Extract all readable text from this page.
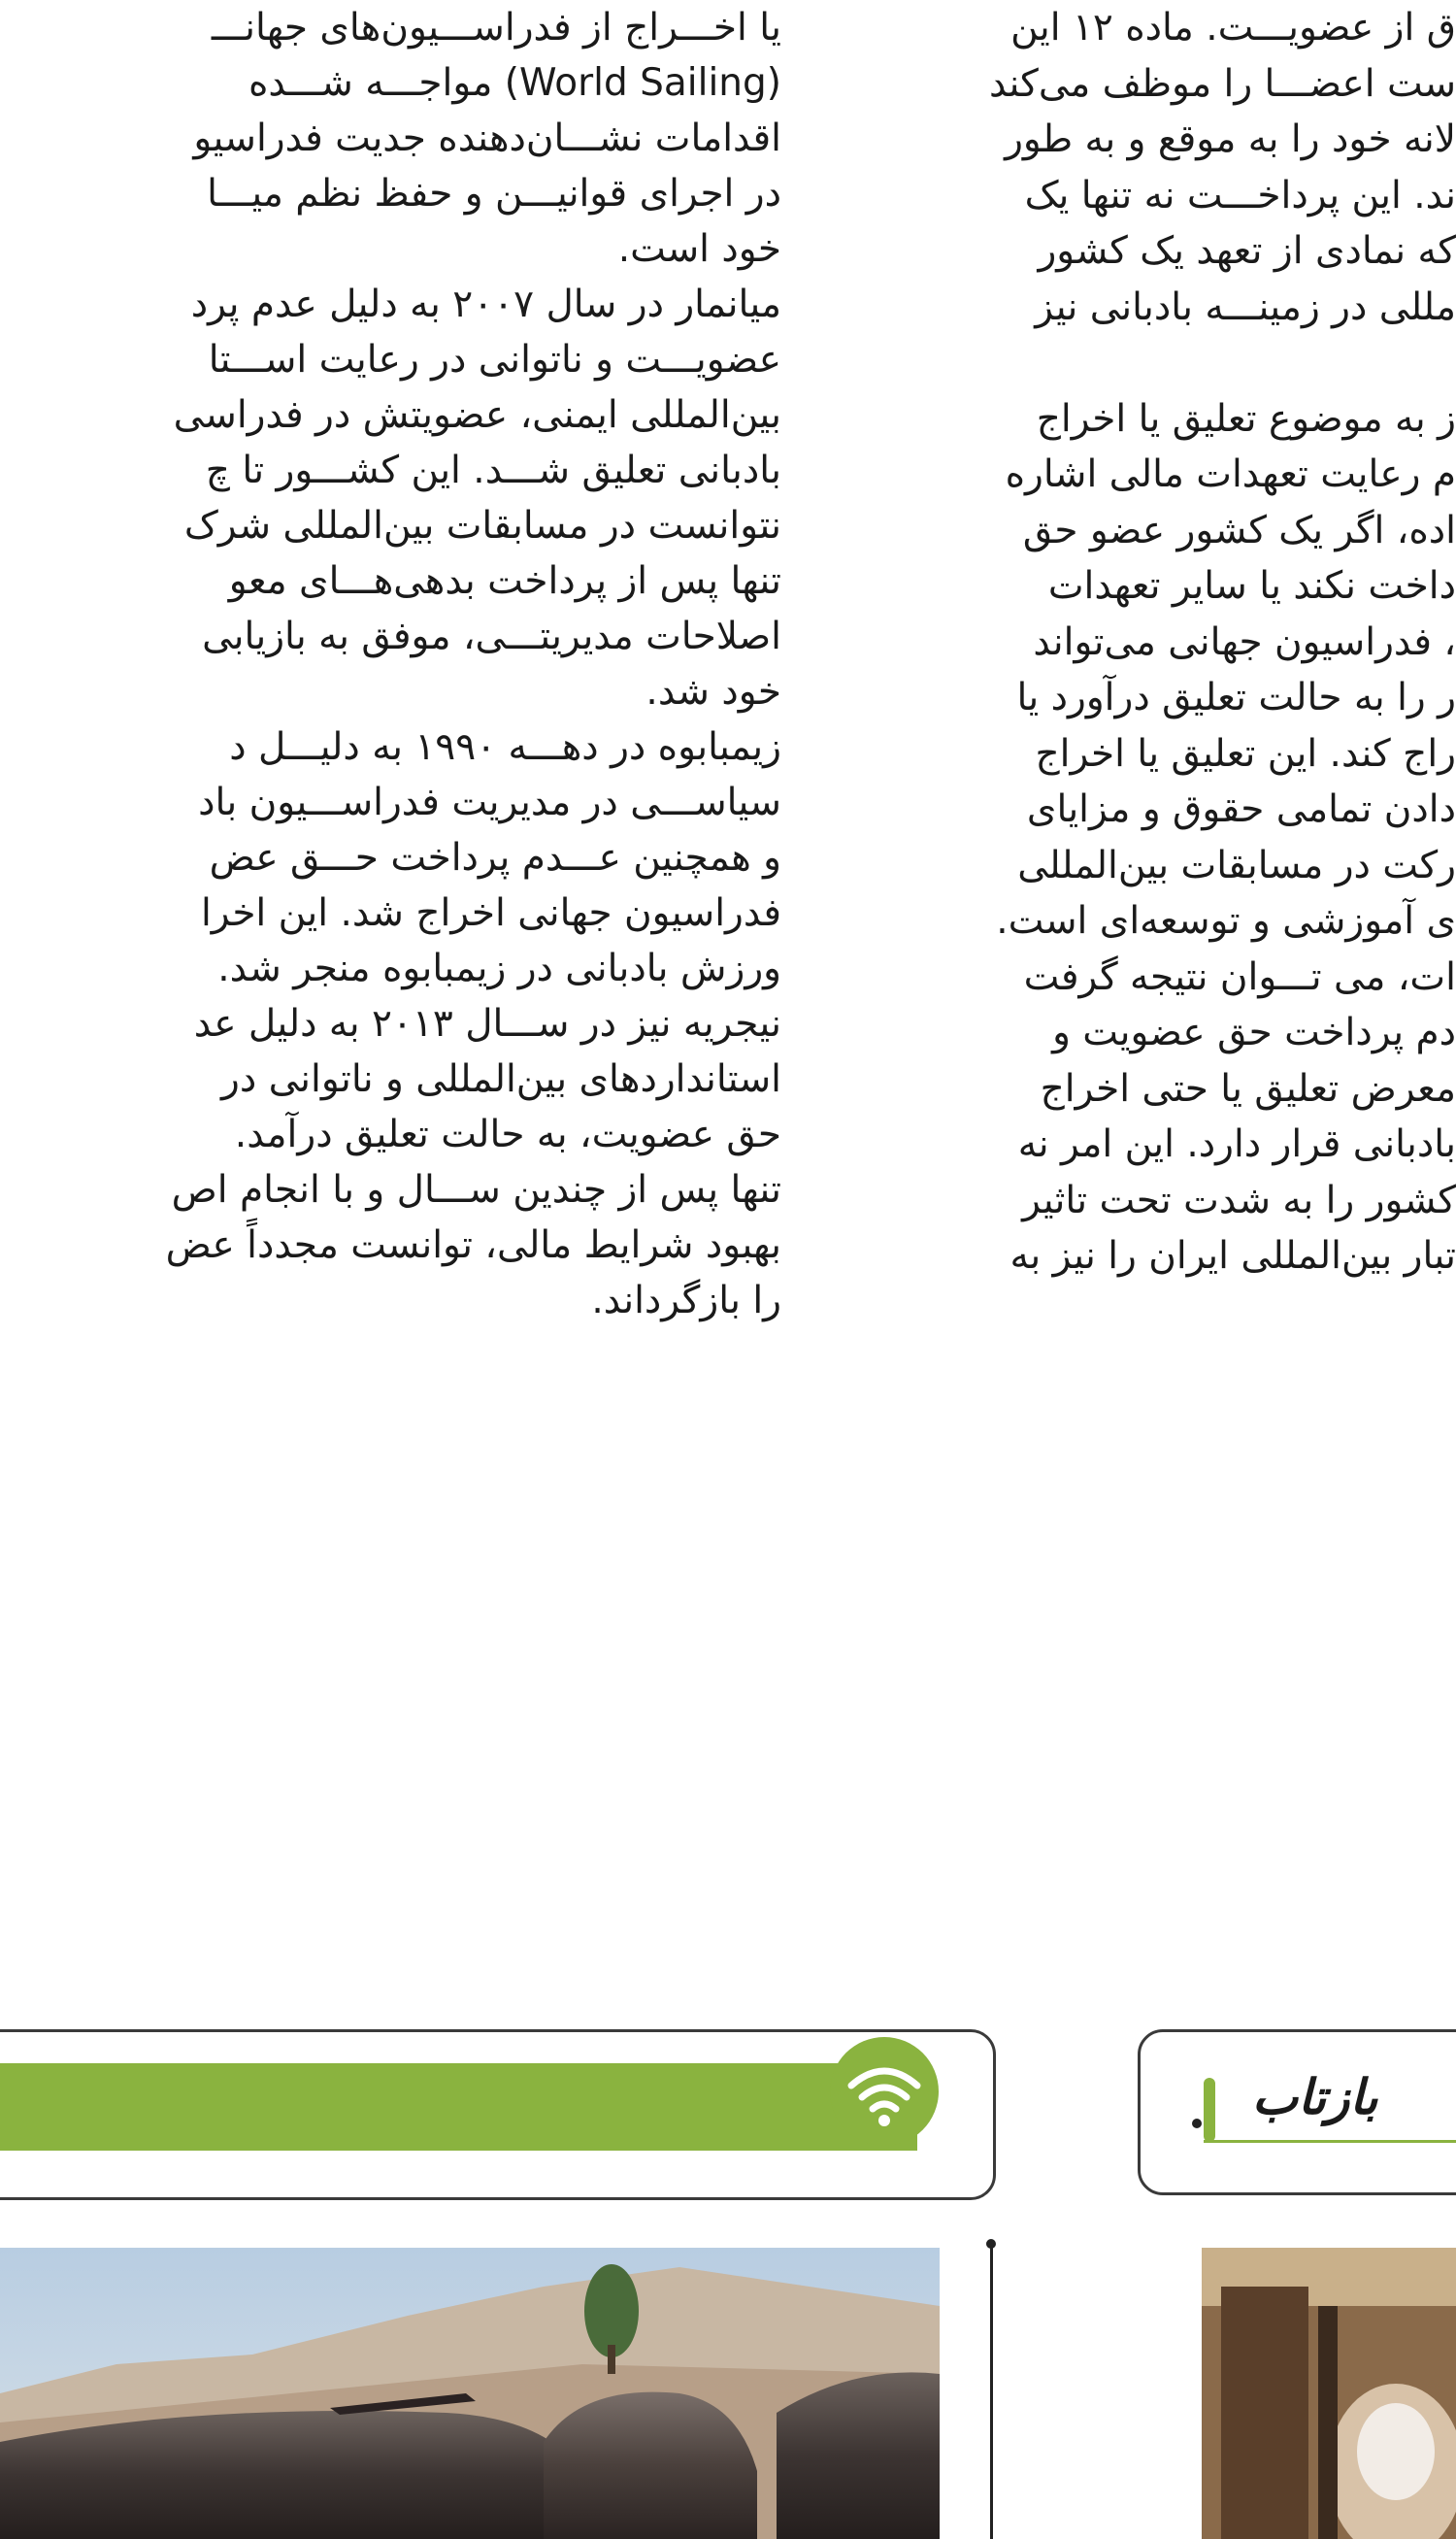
یا اخـــراج از فدراســـیون‌های جهانـــ
(World Sailing) مواجـــه شـــده
اقدامات نشـــان‌دهنده جدیت فدراسیو
در اجرای قوانیـــن و حفظ نظم میـــا
خود است.
میانمار در سال ۲۰۰۷ به دلیل عدم پرد
عضویـــت و ناتوانی در رعایت اســـتا
بین‌المللی ایمنی، عضویتش در فدراسی
بادبانی تعلیق شـــد. این کشـــور تا چ
نتوانست در مسابقات بین‌المللی شرک
تنها پس از پرداخت بدهی‌هـــای معو
اصلاحات مدیریتـــی، موفق به بازیابی
خود شد.
زیمبابوه در دهـــه ۱۹۹۰ به دلیـــل د
سیاســـی در مدیریت فدراســـیون باد
و همچنین عـــدم پرداخت حـــق عض
فدراسیون جهانی اخراج شد. این اخرا
ورزش بادبانی در زیمبابوه منجر شد.
نیجریه نیز در ســـال ۲۰۱۳ به دلیل عد
استانداردهای بین‌المللی و ناتوانی در
حق عضویت، به حالت تعلیق درآمد.
تنها پس از چندین ســـال و با انجام اص
بهبود شرایط مالی، توانست مجدداً عض
را بازگرداند.
ق از عضویـــت. ماده ۱۲ این
ست اعضـــا را موظف می‌کند
لانه خود را به موقع و به طور
ند. این پرداخـــت نه تنها یک
که نمادی از تعهد یک کشور
مللی در زمینـــه بادبانی نیز
ز به موضوع تعلیق یا اخراج
م رعایت تعهدات مالی اشاره
اده، اگر یک کشور عضو حق
داخت نکند یا سایر تعهدات
، فدراسیون جهانی می‌تواند
ر را به حالت تعلیق درآورد یا
راج کند. این تعلیق یا اخراج
دادن تمامی حقوق و مزایای
رکت در مسابقات بین‌المللی
ی آموزشی و توسعه‌ای است.
ات، می تـــوان نتیجه گرفت
دم پرداخت حق عضویت و
معرض تعلیق یا حتی اخراج
بادبانی قرار دارد. این امر نه
کشور را به شدت تحت تاثیر
تبار بین‌المللی ایران را نیز به
بازتاب
